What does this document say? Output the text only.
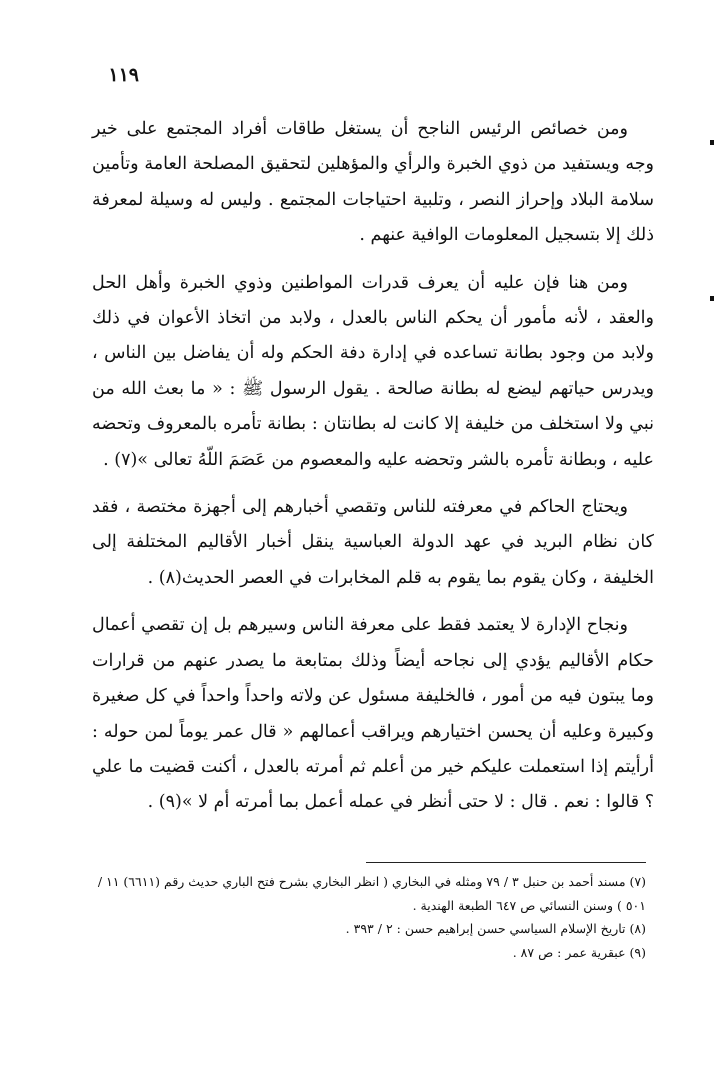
١١٩

ومن خصائص الرئيس الناجح أن يستغل طاقات أفراد المجتمع على خير وجه ويستفيد من ذوي الخبرة والرأي والمؤهلين لتحقيق المصلحة العامة وتأمين سلامة البلاد وإحراز النصر ، وتلبية احتياجات المجتمع . وليس له وسيلة لمعرفة ذلك إلا بتسجيل المعلومات الوافية عنهم .

ومن هنا فإن عليه أن يعرف قدرات المواطنين وذوي الخبرة وأهل الحل والعقد ، لأنه مأمور أن يحكم الناس بالعدل ، ولابد من اتخاذ الأعوان في ذلك ولابد من وجود بطانة تساعده في إدارة دفة الحكم وله أن يفاضل بين الناس ، ويدرس حياتهم ليضع له بطانة صالحة . يقول الرسول ﷺ : « ما بعث الله من نبي ولا استخلف من خليفة إلا كانت له بطانتان : بطانة تأمره بالمعروف وتحضه عليه ، وبطانة تأمره بالشر وتحضه عليه والمعصوم من عَصَمَ اللّهُ تعالى »(٧) .

ويحتاج الحاكم في معرفته للناس وتقصي أخبارهم إلى أجهزة مختصة ، فقد كان نظام البريد في عهد الدولة العباسية ينقل أخبار الأقاليم المختلفة إلى الخليفة ، وكان يقوم بما يقوم به قلم المخابرات في العصر الحديث(٨) .

ونجاح الإدارة لا يعتمد فقط على معرفة الناس وسيرهم بل إن تقصي أعمال حكام الأقاليم يؤدي إلى نجاحه أيضاً وذلك بمتابعة ما يصدر عنهم من قرارات وما يبتون فيه من أمور ، فالخليفة مسئول عن ولاته واحداً واحداً في كل صغيرة وكبيرة وعليه أن يحسن اختيارهم ويراقب أعمالهم « قال عمر يوماً لمن حوله : أرأيتم إذا استعملت عليكم خير من أعلم ثم أمرته بالعدل ، أكنت قضيت ما علي ؟ قالوا : نعم . قال : لا حتى أنظر في عمله أعمل بما أمرته أم لا »(٩) .

(٧) مسند أحمد بن حنبل ٣ / ٧٩ ومثله في البخاري ( انظر البخاري بشرح فتح الباري حديث رقم (٦٦١١) ١١ / ٥٠١ ) وسنن النسائي ص ٦٤٧ الطبعة الهندية .

(٨) تاريخ الإسلام السياسي حسن إبراهيم حسن : ٢ / ٣٩٣ .

(٩) عبقرية عمر : ص ٨٧ .
